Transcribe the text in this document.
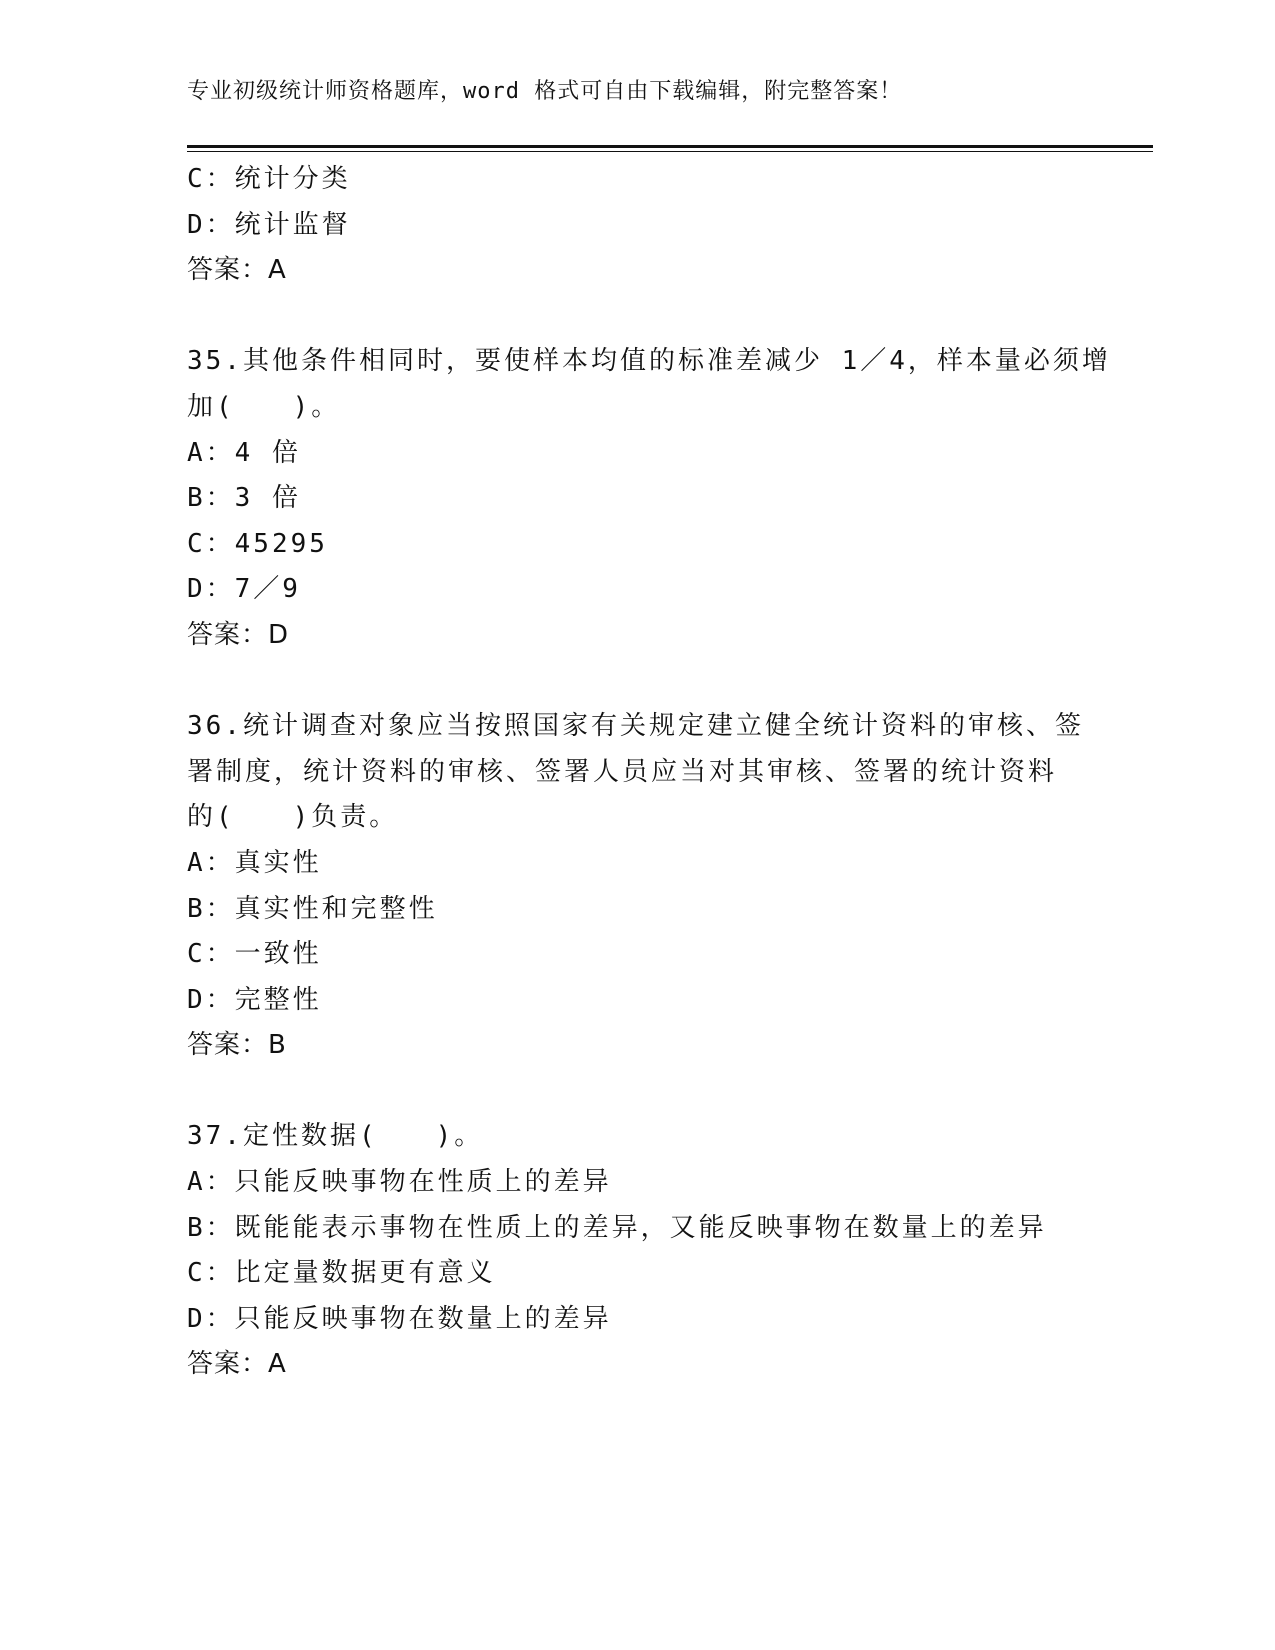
专业初级统计师资格题库，word 格式可自由下载编辑，附完整答案！
C：统计分类
D：统计监督
答案：A
35.其他条件相同时，要使样本均值的标准差减少 1／4，样本量必须增
加(　　)。
A：4 倍
B：3 倍
C：45295
D：7／9
答案：D
36.统计调查对象应当按照国家有关规定建立健全统计资料的审核、签
署制度，统计资料的审核、签署人员应当对其审核、签署的统计资料
的(　　)负责。
A：真实性
B：真实性和完整性
C：一致性
D：完整性
答案：B
37.定性数据(　　)。
A：只能反映事物在性质上的差异
B：既能能表示事物在性质上的差异，又能反映事物在数量上的差异
C：比定量数据更有意义
D：只能反映事物在数量上的差异
答案：A
